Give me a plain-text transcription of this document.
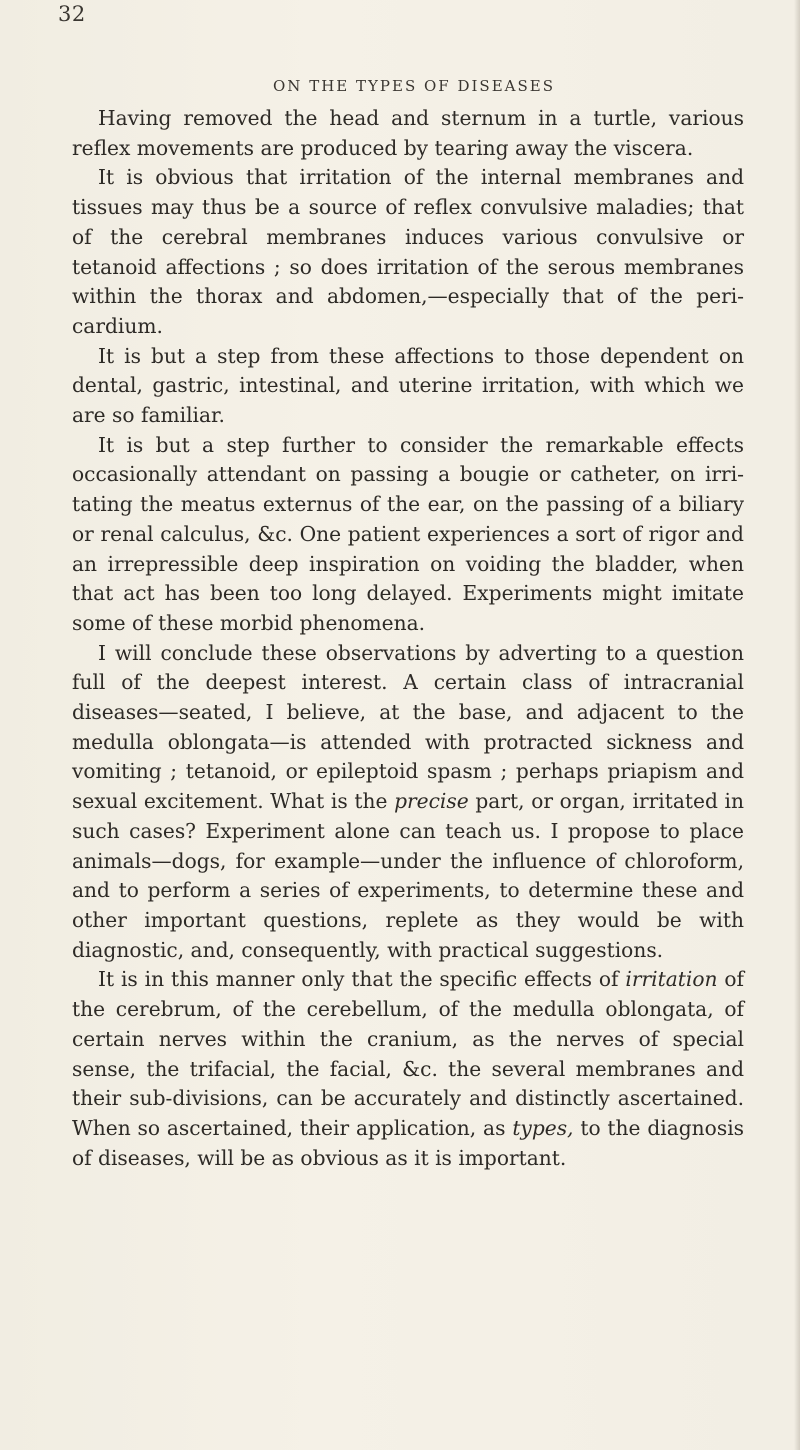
32
ON THE TYPES OF DISEASES

Having removed the head and sternum in a turtle, various reflex movements are produced by tearing away the viscera.

It is obvious that irritation of the internal membranes and tissues may thus be a source of reflex convulsive maladies; that of the cerebral membranes induces various convulsive or tetanoid affections ; so does irritation of the serous membranes within the thorax and abdomen,—especially that of the pericardium.

It is but a step from these affections to those dependent on dental, gastric, intestinal, and uterine irritation, with which we are so familiar.

It is but a step further to consider the remarkable effects occasionally attendant on passing a bougie or catheter, on irritating the meatus externus of the ear, on the passing of a biliary or renal calculus, &c. One patient experiences a sort of rigor and an irrepressible deep inspiration on voiding the bladder, when that act has been too long delayed. Experiments might imitate some of these morbid phenomena.

I will conclude these observations by adverting to a question full of the deepest interest. A certain class of intracranial diseases—seated, I believe, at the base, and adjacent to the medulla oblongata—is attended with protracted sickness and vomiting ; tetanoid, or epileptoid spasm ; perhaps priapism and sexual excitement. What is the precise part, or organ, irritated in such cases? Experiment alone can teach us. I propose to place animals—dogs, for example—under the influence of chloroform, and to perform a series of experiments, to determine these and other important questions, replete as they would be with diagnostic, and, consequently, with practical suggestions.

It is in this manner only that the specific effects of irritation of the cerebrum, of the cerebellum, of the medulla oblongata, of certain nerves within the cranium, as the nerves of special sense, the trifacial, the facial, &c. the several membranes and their sub-divisions, can be accurately and distinctly ascertained. When so ascertained, their application, as types, to the diagnosis of diseases, will be as obvious as it is important.
